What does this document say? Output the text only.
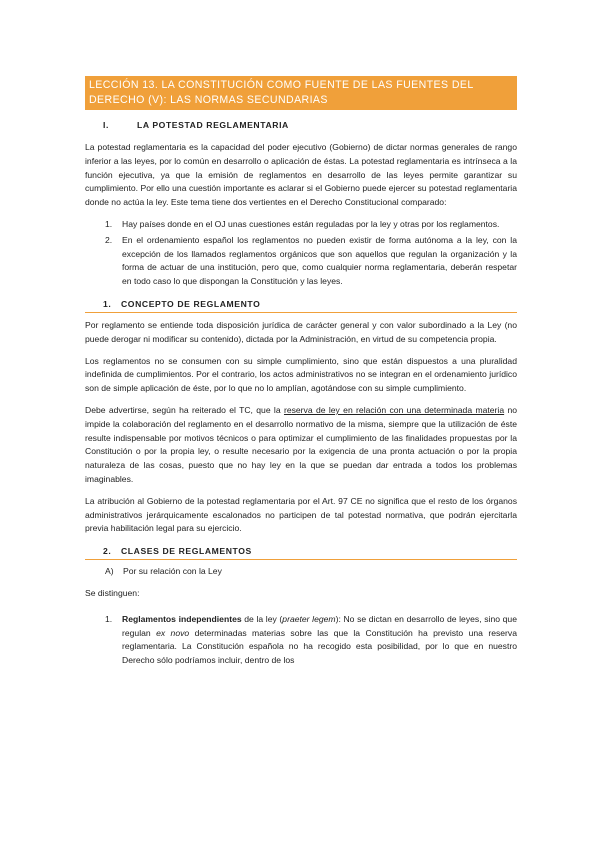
LECCIÓN 13. LA CONSTITUCIÓN COMO FUENTE DE LAS FUENTES DEL DERECHO (V): LAS NORMAS SECUNDARIAS
I.	LA POTESTAD REGLAMENTARIA

La potestad reglamentaria es la capacidad del poder ejecutivo (Gobierno) de dictar normas generales de rango inferior a las leyes, por lo común en desarrollo o aplicación de éstas. La potestad reglamentaria es intrínseca a la función ejecutiva, ya que la emisión de reglamentos en desarrollo de las leyes permite garantizar su cumplimiento. Por ello una cuestión importante es aclarar si el Gobierno puede ejercer su potestad reglamentaria donde no actúa la ley. Este tema tiene dos vertientes en el Derecho Constitucional comparado:

1.	Hay países donde en el OJ unas cuestiones están reguladas por la ley y otras por los reglamentos.
2.	En el ordenamiento español los reglamentos no pueden existir de forma autónoma a la ley, con la excepción de los llamados reglamentos orgánicos que son aquellos que regulan la organización y la forma de actuar de una institución, pero que, como cualquier norma reglamentaria, deberán respetar en todo caso lo que dispongan la Constitución y las leyes.
1.	CONCEPTO DE REGLAMENTO

Por reglamento se entiende toda disposición jurídica de carácter general y con valor subordinado a la Ley (no puede derogar ni modificar su contenido), dictada por la Administración, en virtud de su competencia propia.

Los reglamentos no se consumen con su simple cumplimiento, sino que están dispuestos a una pluralidad indefinida de cumplimientos. Por el contrario, los actos administrativos no se integran en el ordenamiento jurídico son de simple aplicación de éste, por lo que no lo amplían, agotándose con su simple cumplimiento.

Debe advertirse, según ha reiterado el TC, que la reserva de ley en relación con una determinada materia no impide la colaboración del reglamento en el desarrollo normativo de la misma, siempre que la utilización de éste resulte indispensable por motivos técnicos o para optimizar el cumplimiento de las finalidades propuestas por la Constitución o por la propia ley, o resulte necesario por la exigencia de una pronta actuación o por la propia naturaleza de las cosas, puesto que no hay ley en la que se puedan dar entrada a todos los problemas imaginables.

La atribución al Gobierno de la potestad reglamentaria por el Art. 97 CE no significa que el resto de los órganos administrativos jerárquicamente escalonados no participen de tal potestad normativa, que podrán ejercitarla previa habilitación legal para su ejercicio.

2.	CLASES DE REGLAMENTOS
A)	Por su relación con la Ley

Se distinguen:

1.	Reglamentos independientes de la ley (praeter legem): No se dictan en desarrollo de leyes, sino que regulan ex novo determinadas materias sobre las que la Constitución ha previsto una reserva reglamentaria. La Constitución española no ha recogido esta posibilidad, por lo que en nuestro Derecho sólo podríamos incluir, dentro de los
